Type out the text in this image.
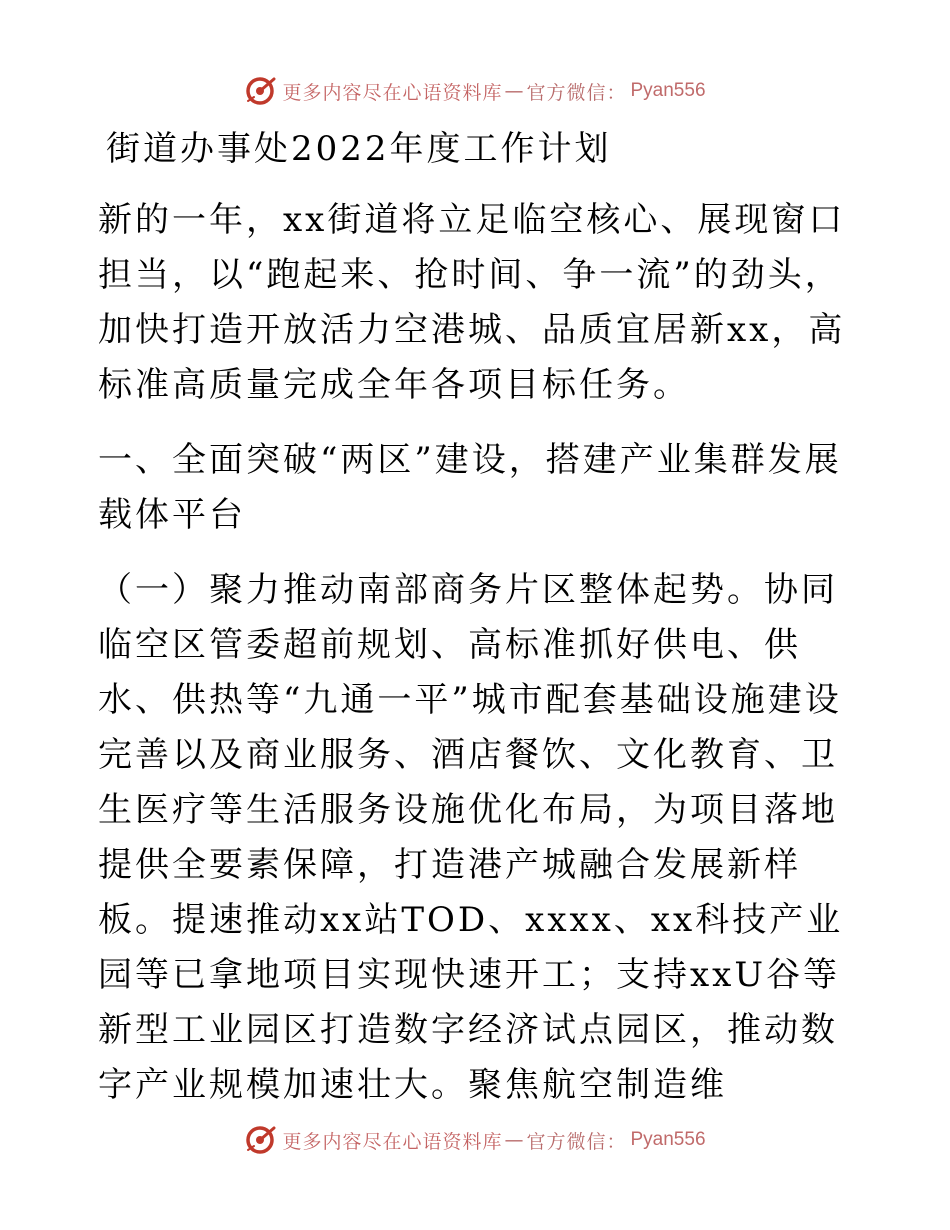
更多内容尽在心语资料库 — 官方微信： Pyan556

街道办事处2022年度工作计划

新的一年，xx街道将立足临空核心、展现窗口担当，以“跑起来、抢时间、争一流”的劲头，加快打造开放活力空港城、品质宜居新xx，高标准高质量完成全年各项目标任务。

一、全面突破“两区”建设，搭建产业集群发展载体平台

（一）聚力推动南部商务片区整体起势。协同临空区管委超前规划、高标准抓好供电、供水、供热等“九通一平”城市配套基础设施建设完善以及商业服务、酒店餐饮、文化教育、卫生医疗等生活服务设施优化布局，为项目落地提供全要素保障，打造港产城融合发展新样板。提速推动xx站TOD、xxxx、xx科技产业园等已拿地项目实现快速开工；支持xxU谷等新型工业园区打造数字经济试点园区，推动数字产业规模加速壮大。聚焦航空制造维

更多内容尽在心语资料库 — 官方微信： Pyan556
